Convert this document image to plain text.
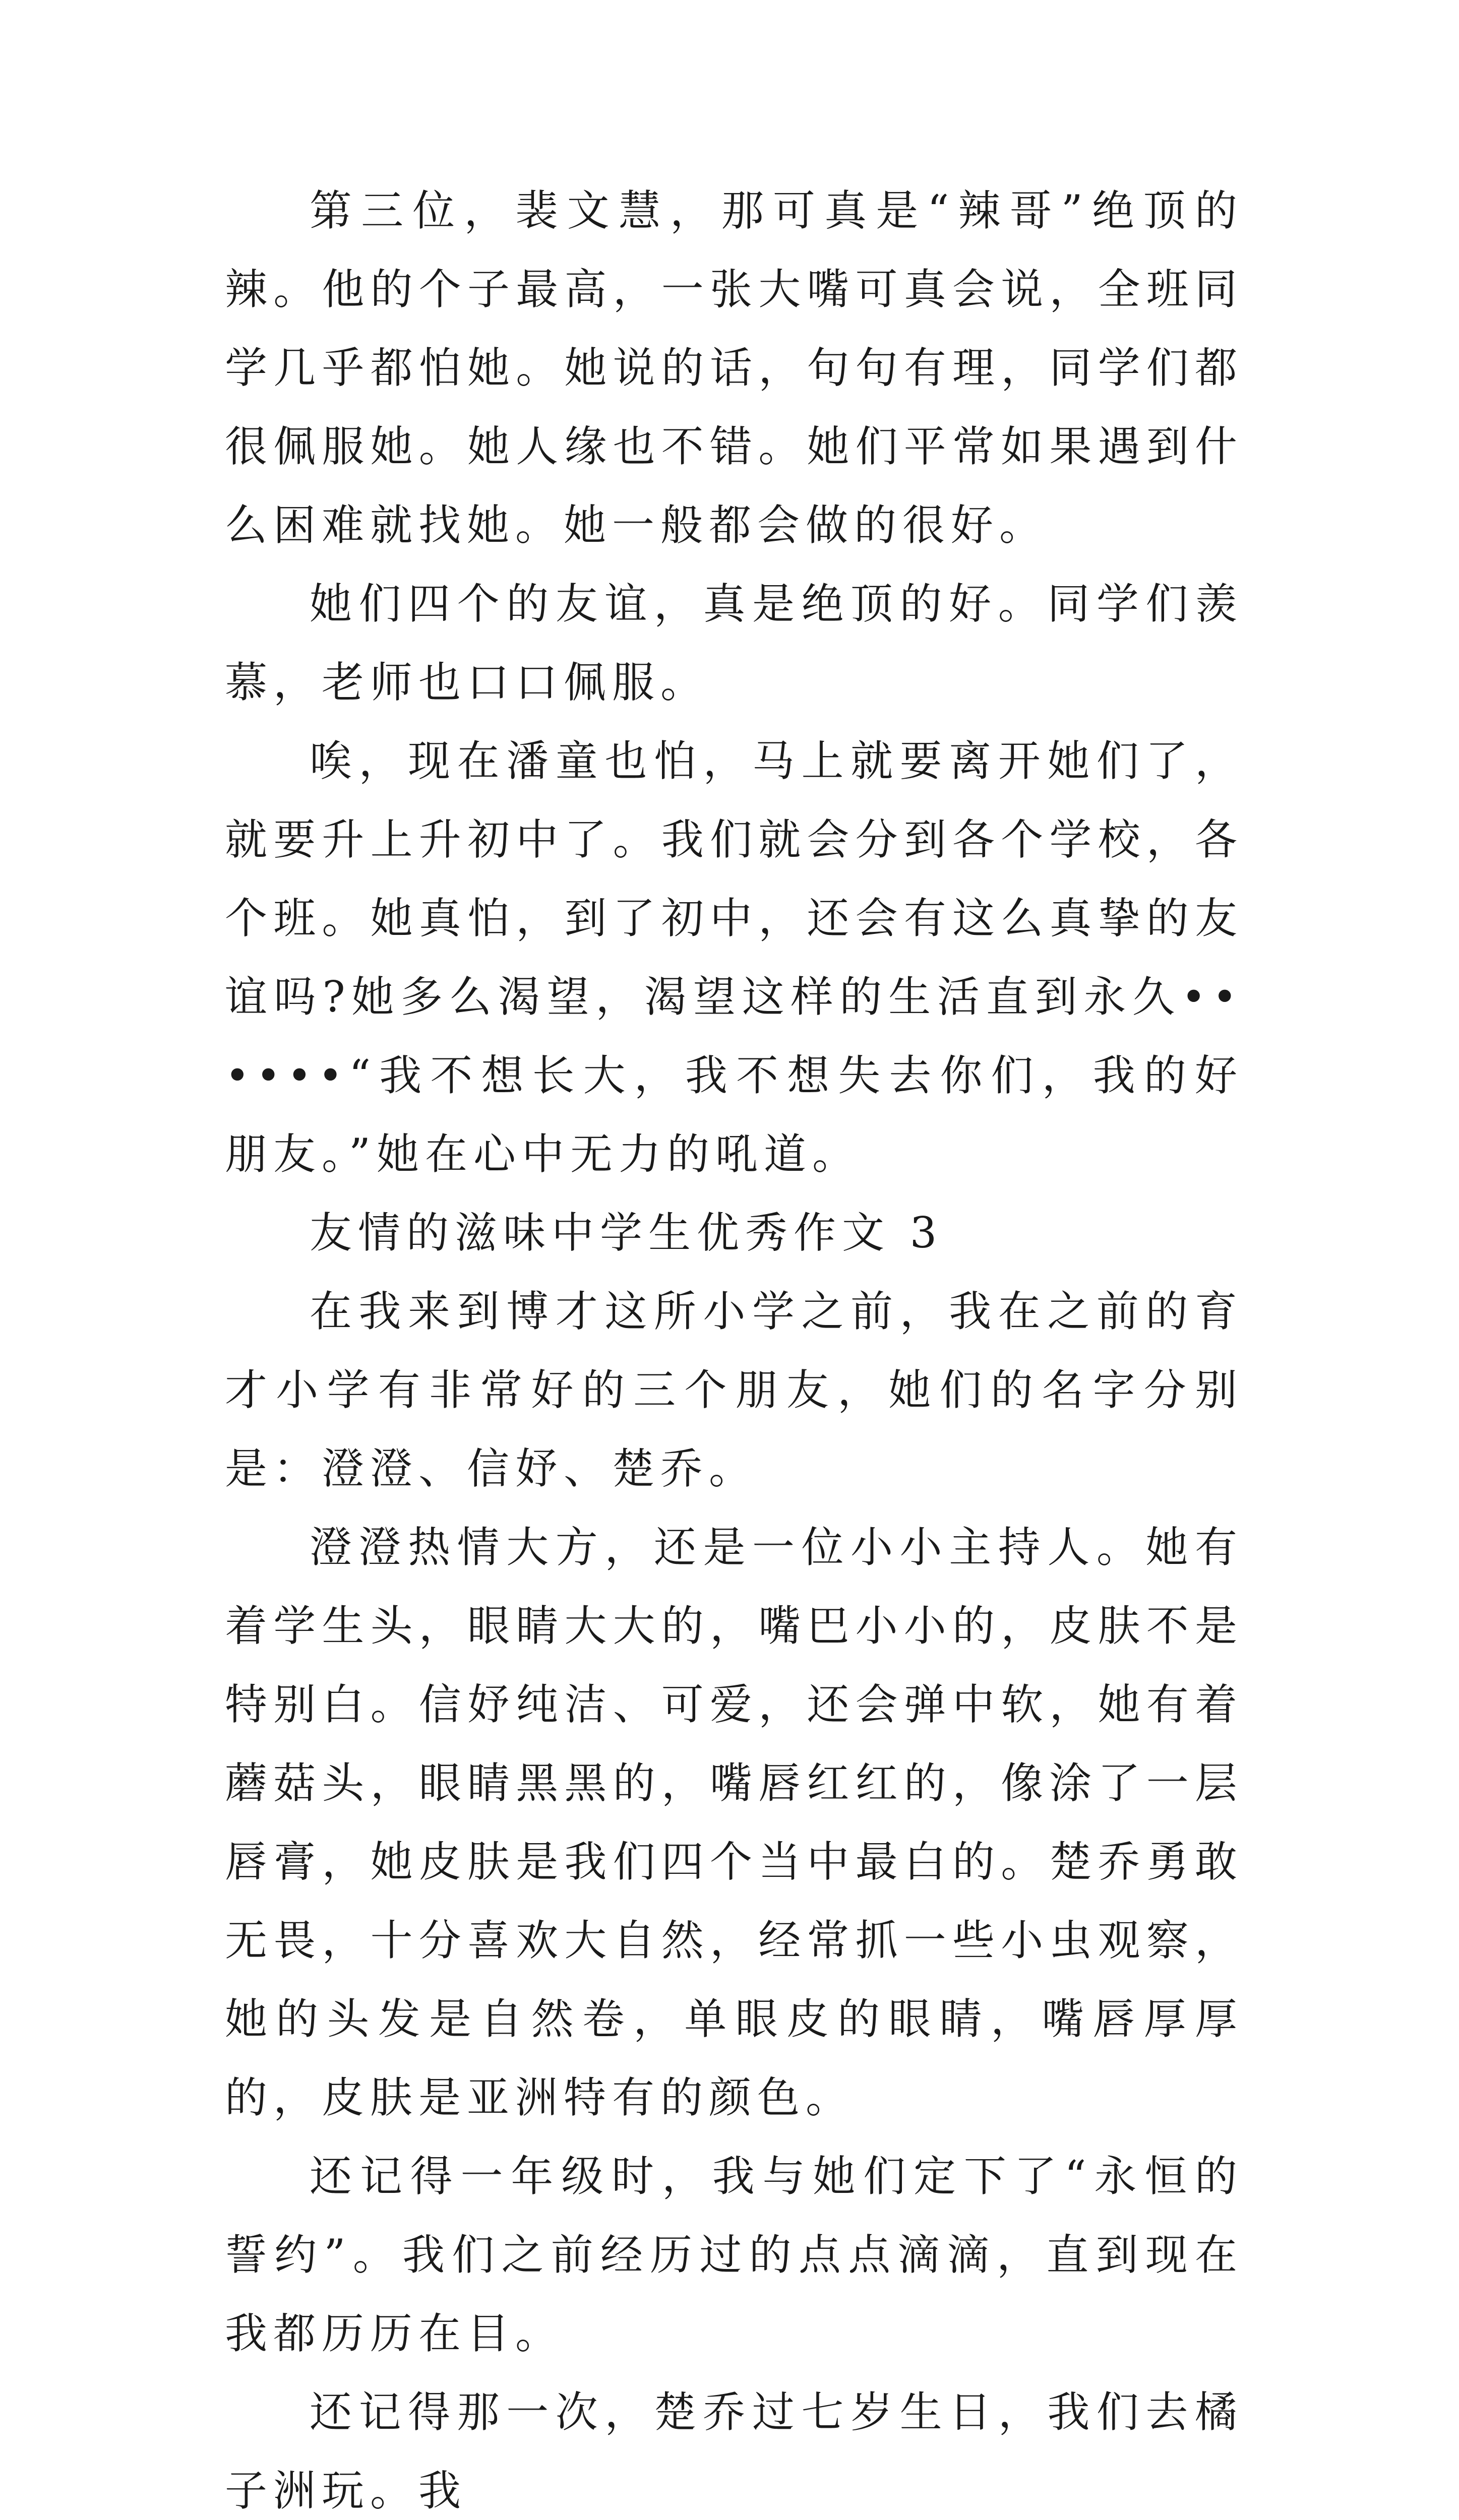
第三位，裴文慧，那可真是“辣哥”绝顶的辣。他的个子最高，一张大嘴可真会说，全班同学几乎都怕她。她说的话，句句有理，同学们都很佩服她。她人缘也不错。她们平常如果遇到什么困难就找她。她一般都会做的很好。

她们四个的友谊，真是绝顶的好。同学们羡慕，老师也口口佩服。

唉，现在潘童也怕，马上就要离开她们了，就要升上升初中了。我们就会分到各个学校，各个班。她真怕，到了初中，还会有这么真挚的友谊吗?她多么渴望，渴望这样的生活直到永久••••••“我不想长大，我不想失去你们，我的好朋友。”她在心中无力的吼道。

友情的滋味中学生优秀作文 3

在我来到博才这所小学之前，我在之前的育才小学有非常好的三个朋友，她们的名字分别是：澄澄、信妤、楚乔。

澄澄热情大方，还是一位小小主持人。她有着学生头，眼睛大大的，嘴巴小小的，皮肤不是特别白。信妤纯洁、可爱，还会弹中软，她有着蘑菇头，眼睛黑黑的，嘴唇红红的，像涂了一层唇膏，她皮肤是我们四个当中最白的。楚乔勇敢无畏，十分喜欢大自然，经常抓一些小虫观察，她的头发是自然卷，单眼皮的眼睛，嘴唇厚厚的，皮肤是亚洲特有的颜色。

还记得一年级时，我与她们定下了“永恒的誓约”。我们之前经历过的点点滴滴，直到现在我都历历在目。

还记得那一次，楚乔过七岁生日，我们去橘子洲玩。我
